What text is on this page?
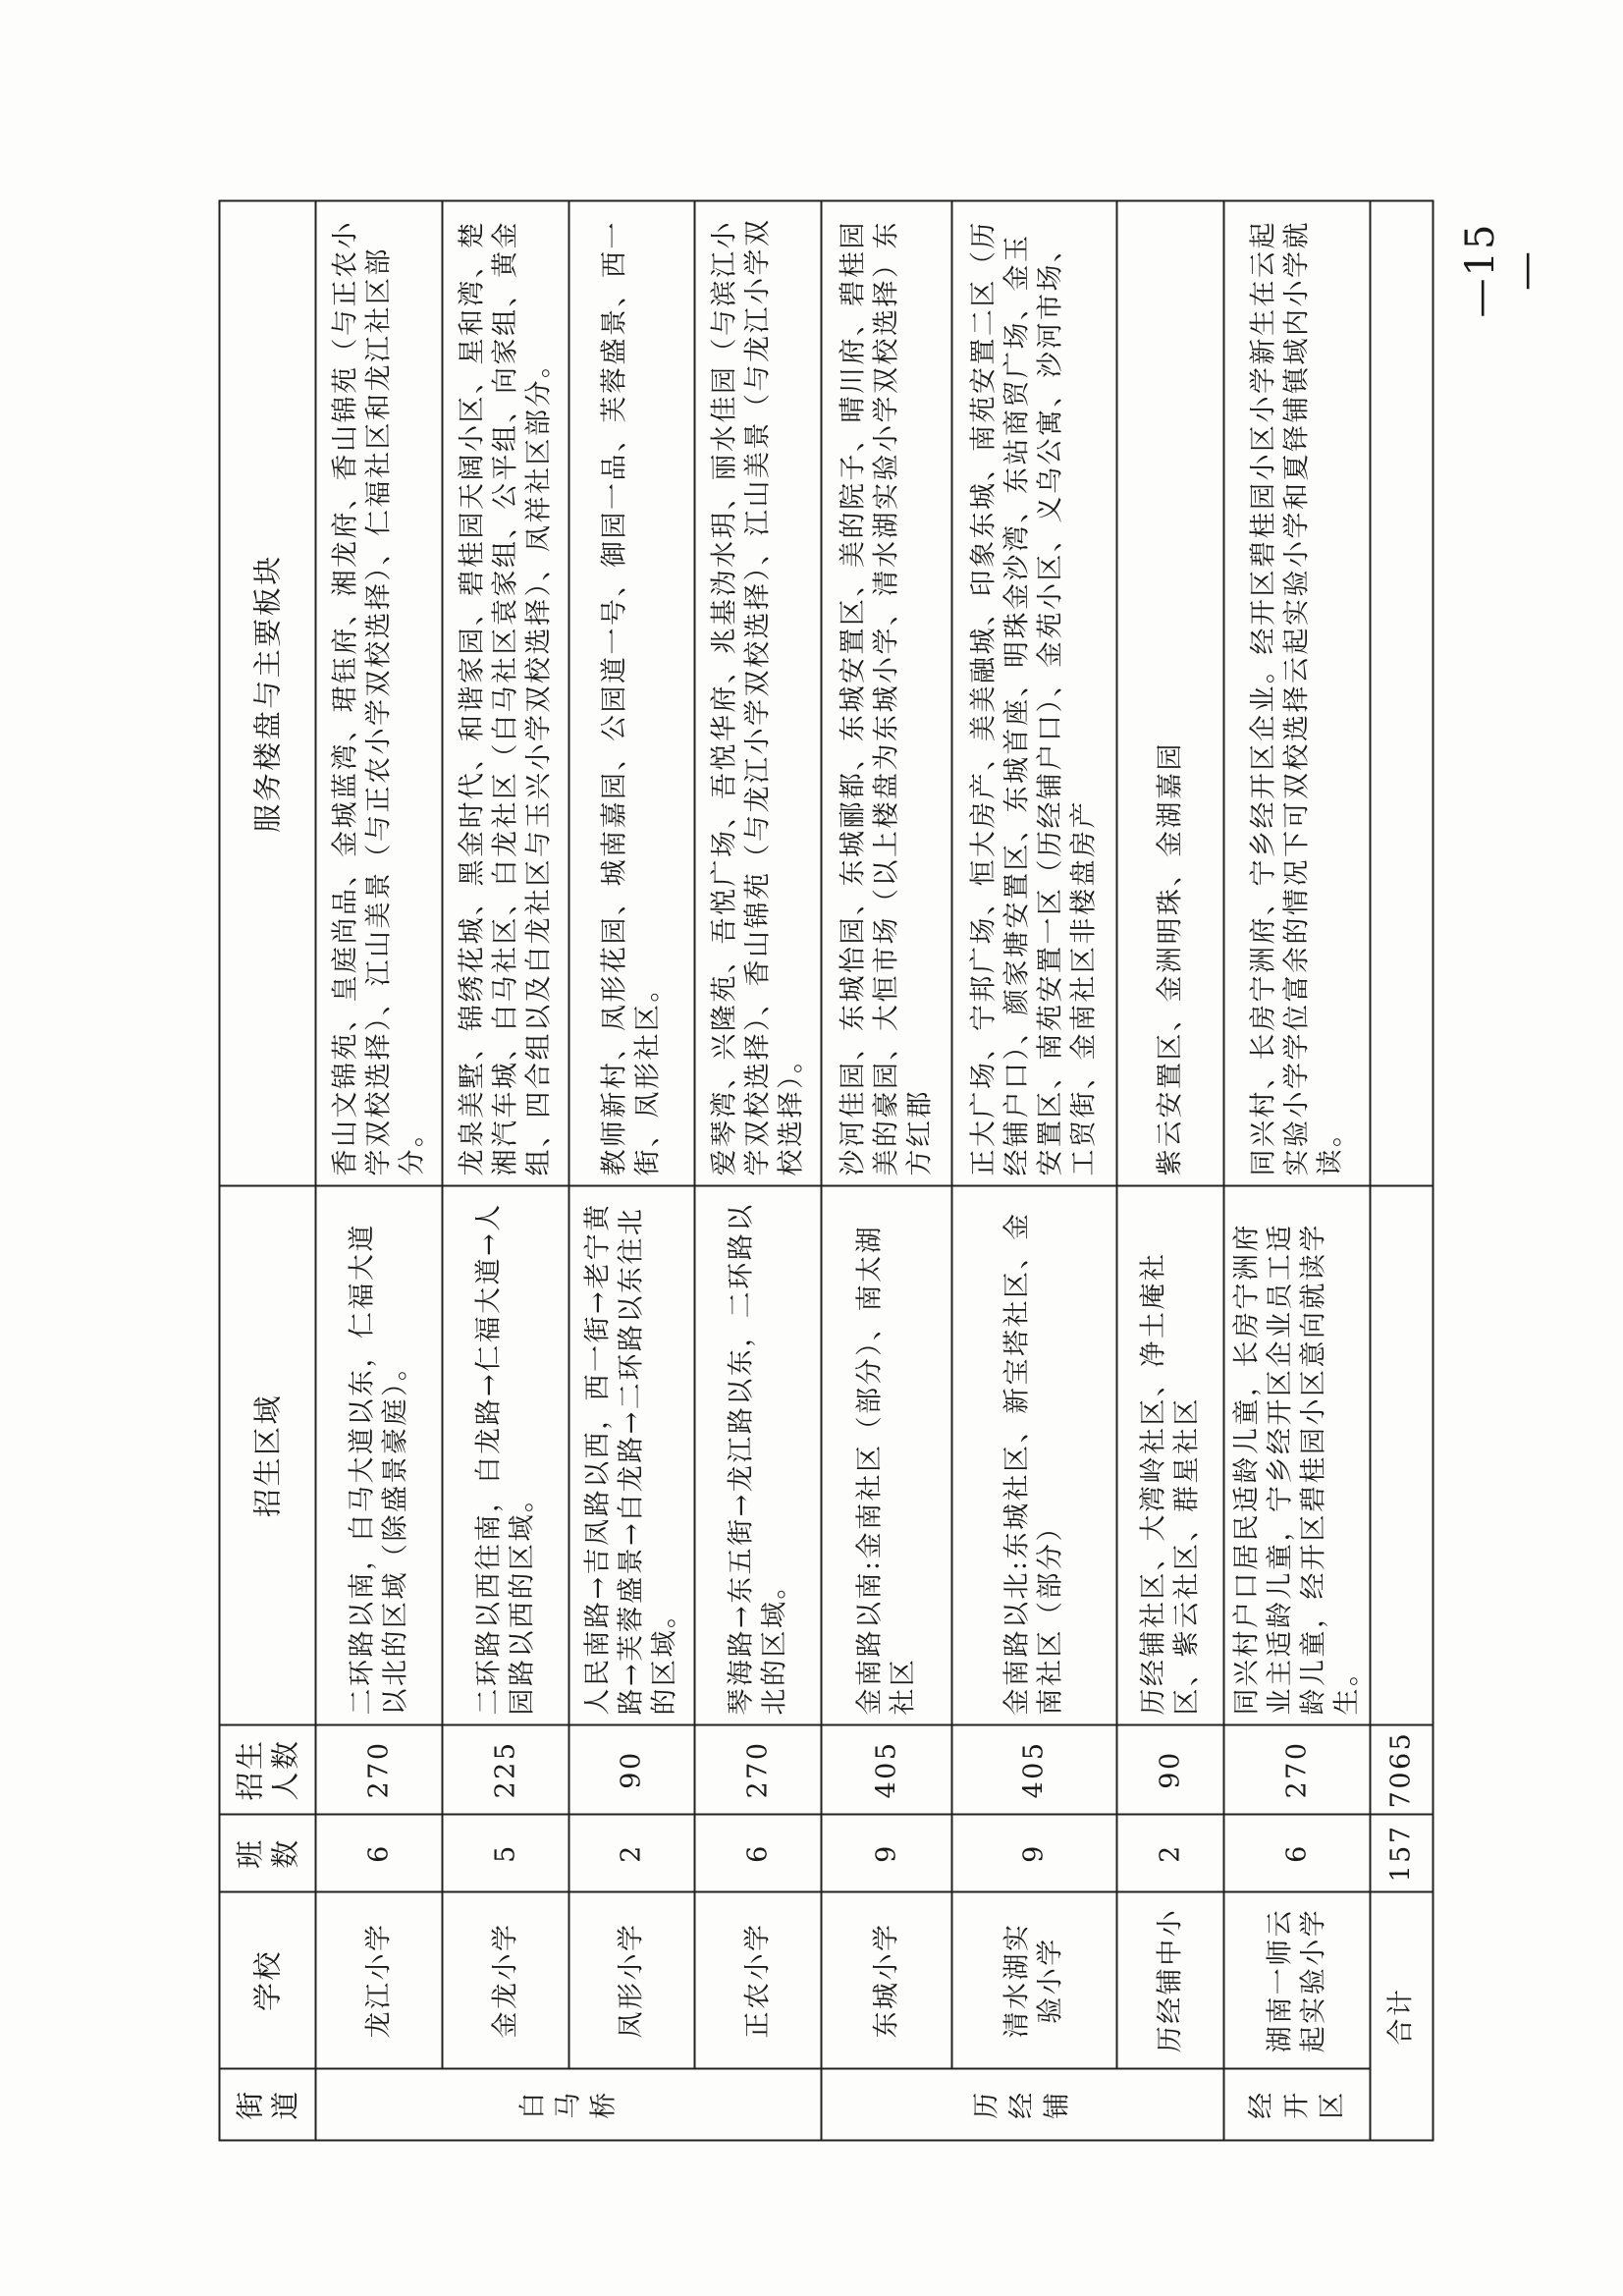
街道	学校	班数	招生人数	招生区域	服务楼盘与主要板块
白马桥	龙江小学	6	270	二环路以南，白马大道以东，仁福大道以北的区域（除盛景豪庭）。	香山文锦苑、皇庭尚品、金城蓝湾、珺钰府、湘龙府、香山锦苑（与正农小学双校选择）、江山美景（与正农小学双校选择）、仁福社区和龙江社区部分。
	金龙小学	5	225	二环路以西往南，白龙路→仁福大道→人园路以西的区域。	龙泉美墅、锦绣花城、黑金时代、和谐家园、碧桂园天阔小区、星和湾、楚湘汽车城、白马社区、白龙社区（白马社区袁家组、公平组、向家组、黄金组、四合组以及白龙社区与玉兴小学双校选择）、凤祥社区部分。
	凤形小学	2	90	人民南路→吉凤路以西，西一街→老宁黄路→芙蓉盛景→白龙路→二环路以东往北的区域。	教师新村、凤形花园、城南嘉园、公园道一号、御园一品、芙蓉盛景、西一街、凤形社区。
	正农小学	6	270	琴海路→东五街→龙江路以东，二环路以北的区域。	爱琴湾、兴隆苑、吾悦广场、吾悦华府、兆基沩水玥、丽水佳园（与滨江小学双校选择）、香山锦苑（与龙江小学双校选择）、江山美景（与龙江小学双校选择）。
历经铺	东城小学	9	405	金南路以南:金南社区（部分）、南太湖社区	沙河佳园、东城怡园、东城郦都、东城安置区、美的院子、晴川府、碧桂园美的豪园、大恒市场（以上楼盘为东城小学、清水湖实验小学双校选择）东方红郡
	清水湖实验小学	9	405	金南路以北:东城社区、新宝塔社区、金南社区（部分）	正大广场、宁邦广场、恒大房产、美美融城、印象东城、南苑安置二区（历经铺户口）、颜家塘安置区、东城首座、明珠金沙湾、东站商贸广场、金玉安置区、南苑安置一区（历经铺户口）、金苑小区、义乌公寓、沙河市场、工贸街、金南社区非楼盘房产
	历经铺中小	2	90	历经铺社区、大湾岭社区、净土庵社区、紫云社区、群星社区	紫云安置区、金洲明珠、金湖嘉园
经开区	湖南一师云起实验小学	6	270	同兴村户口居民适龄儿童，长房宁洲府业主适龄儿童，宁乡经开区企业员工适龄儿童，经开区碧桂园小区意向就读学生。	同兴村、长房宁洲府、宁乡经开区企业。经开区碧桂园小区小学新生在云起实验小学学位富余的情况下可双校选择云起实验小学和夏铎铺镇域内小学就读。
合计		157	7065		
—15—
